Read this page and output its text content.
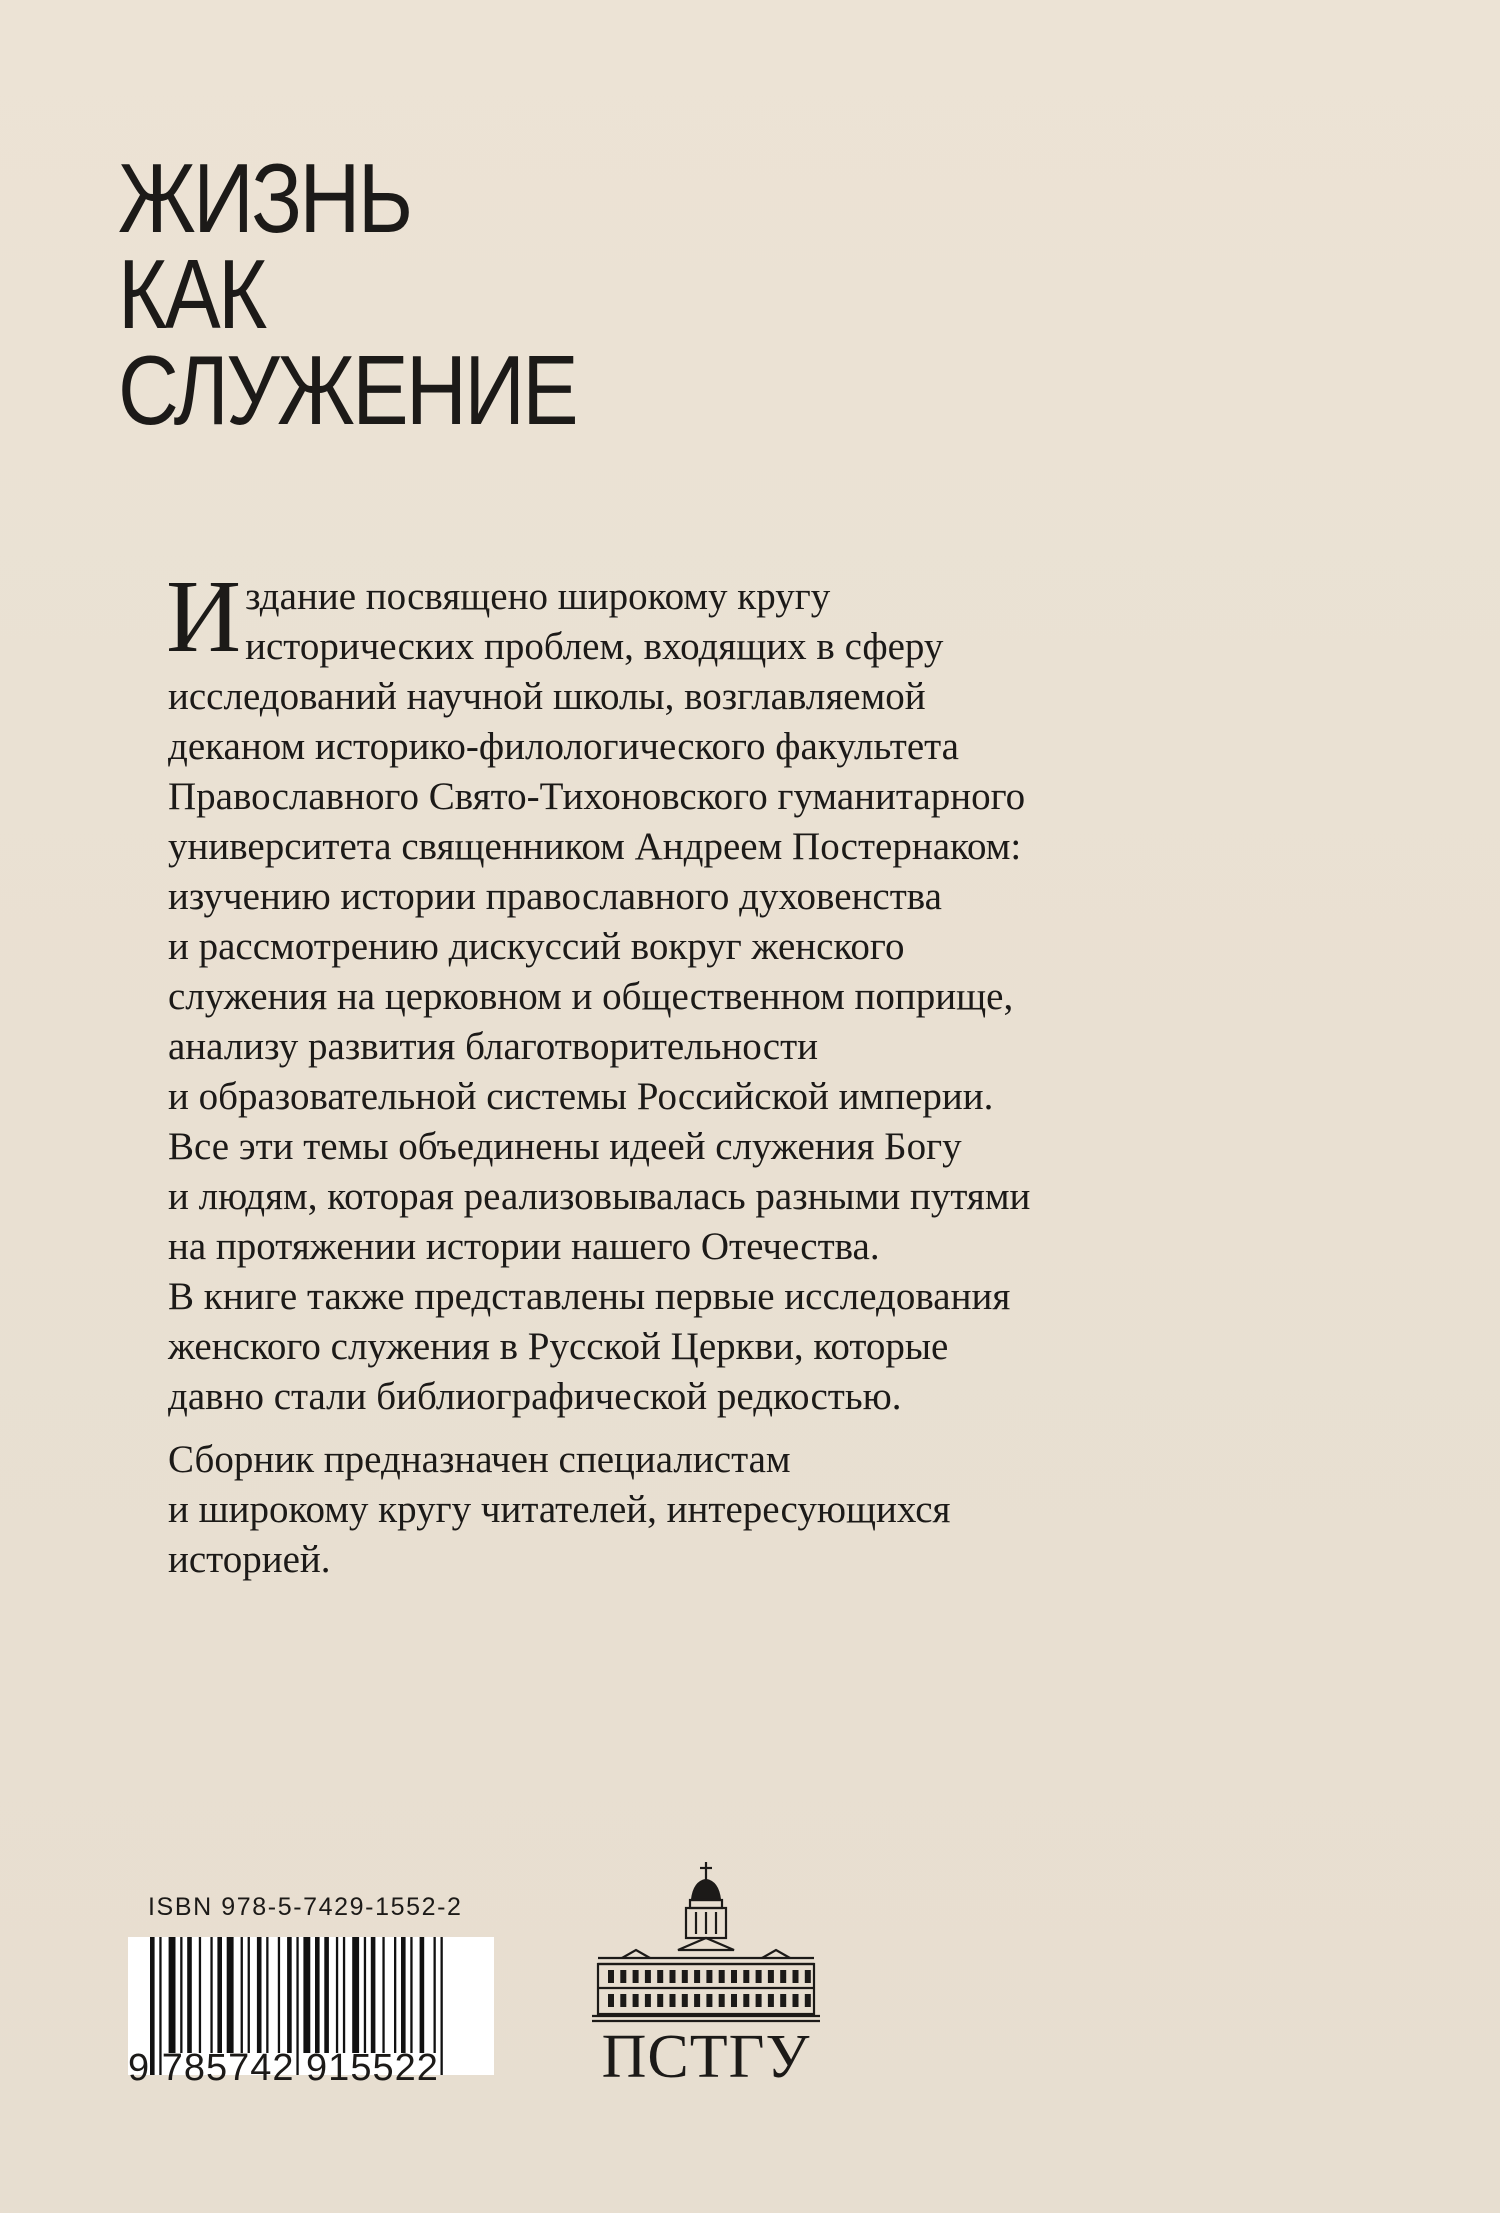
ЖИЗНЬ
КАК
СЛУЖЕНИЕ
И здание посвящено широкому кругу
исторических проблем, входящих в сферу
исследований научной школы, возглавляемой
деканом историко-филологического факультета
Православного Свято-Тихоновского гуманитарного
университета священником Андреем Постернаком:
изучению истории православного духовенства
и рассмотрению дискуссий вокруг женского
служения на церковном и общественном поприще,
анализу развития благотворительности
и образовательной системы Российской империи.
Все эти темы объединены идеей служения Богу
и людям, которая реализовывалась разными путями
на протяжении истории нашего Отечества.
В книге также представлены первые исследования
женского служения в Русской Церкви, которые
давно стали библиографической редкостью.
Сборник предназначен специалистам
и широкому кругу читателей, интересующихся
историей.
ISBN 978-5-7429-1552-2
9 785742 915522	ПСТГУ
